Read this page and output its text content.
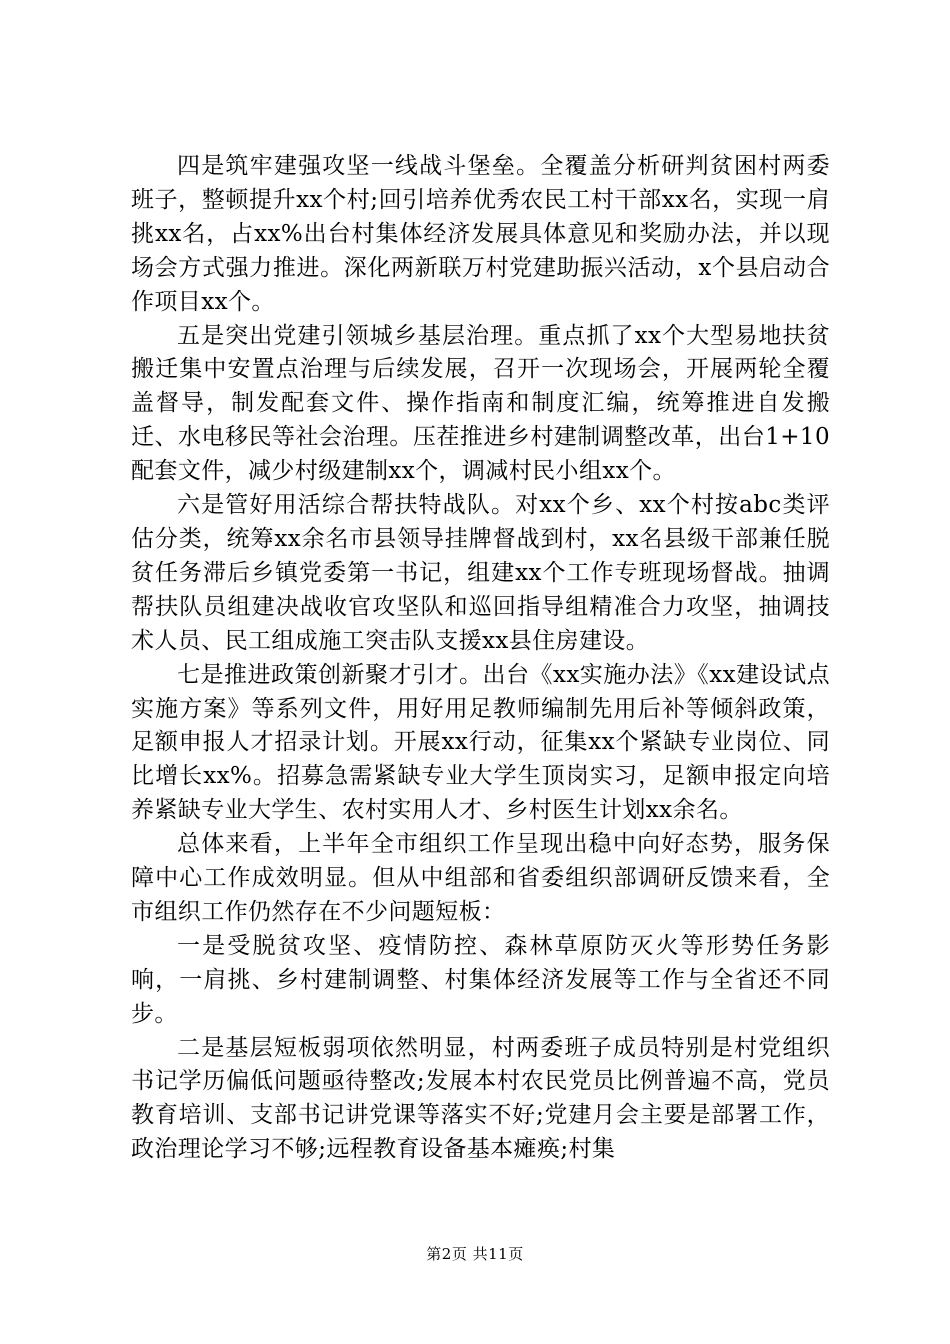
四是筑牢建强攻坚一线战斗堡垒。全覆盖分析研判贫困村两委班子，整顿提升xx个村;回引培养优秀农民工村干部xx名，实现一肩挑xx名，占xx%出台村集体经济发展具体意见和奖励办法，并以现场会方式强力推进。深化两新联万村党建助振兴活动，x个县启动合作项目xx个。

五是突出党建引领城乡基层治理。重点抓了xx个大型易地扶贫搬迁集中安置点治理与后续发展，召开一次现场会，开展两轮全覆盖督导，制发配套文件、操作指南和制度汇编，统筹推进自发搬迁、水电移民等社会治理。压茬推进乡村建制调整改革，出台1+10配套文件，减少村级建制xx个，调减村民小组xx个。

六是管好用活综合帮扶特战队。对xx个乡、xx个村按abc类评估分类，统筹xx余名市县领导挂牌督战到村，xx名县级干部兼任脱贫任务滞后乡镇党委第一书记，组建xx个工作专班现场督战。抽调帮扶队员组建决战收官攻坚队和巡回指导组精准合力攻坚，抽调技术人员、民工组成施工突击队支援xx县住房建设。

七是推进政策创新聚才引才。出台《xx实施办法》《xx建设试点实施方案》等系列文件，用好用足教师编制先用后补等倾斜政策，足额申报人才招录计划。开展xx行动，征集xx个紧缺专业岗位、同比增长xx%。招募急需紧缺专业大学生顶岗实习，足额申报定向培养紧缺专业大学生、农村实用人才、乡村医生计划xx余名。

总体来看，上半年全市组织工作呈现出稳中向好态势，服务保障中心工作成效明显。但从中组部和省委组织部调研反馈来看，全市组织工作仍然存在不少问题短板：

一是受脱贫攻坚、疫情防控、森林草原防灭火等形势任务影响，一肩挑、乡村建制调整、村集体经济发展等工作与全省还不同步。

二是基层短板弱项依然明显，村两委班子成员特别是村党组织书记学历偏低问题亟待整改;发展本村农民党员比例普遍不高，党员教育培训、支部书记讲党课等落实不好;党建月会主要是部署工作，政治理论学习不够;远程教育设备基本瘫痪;村集

第2页 共11页
